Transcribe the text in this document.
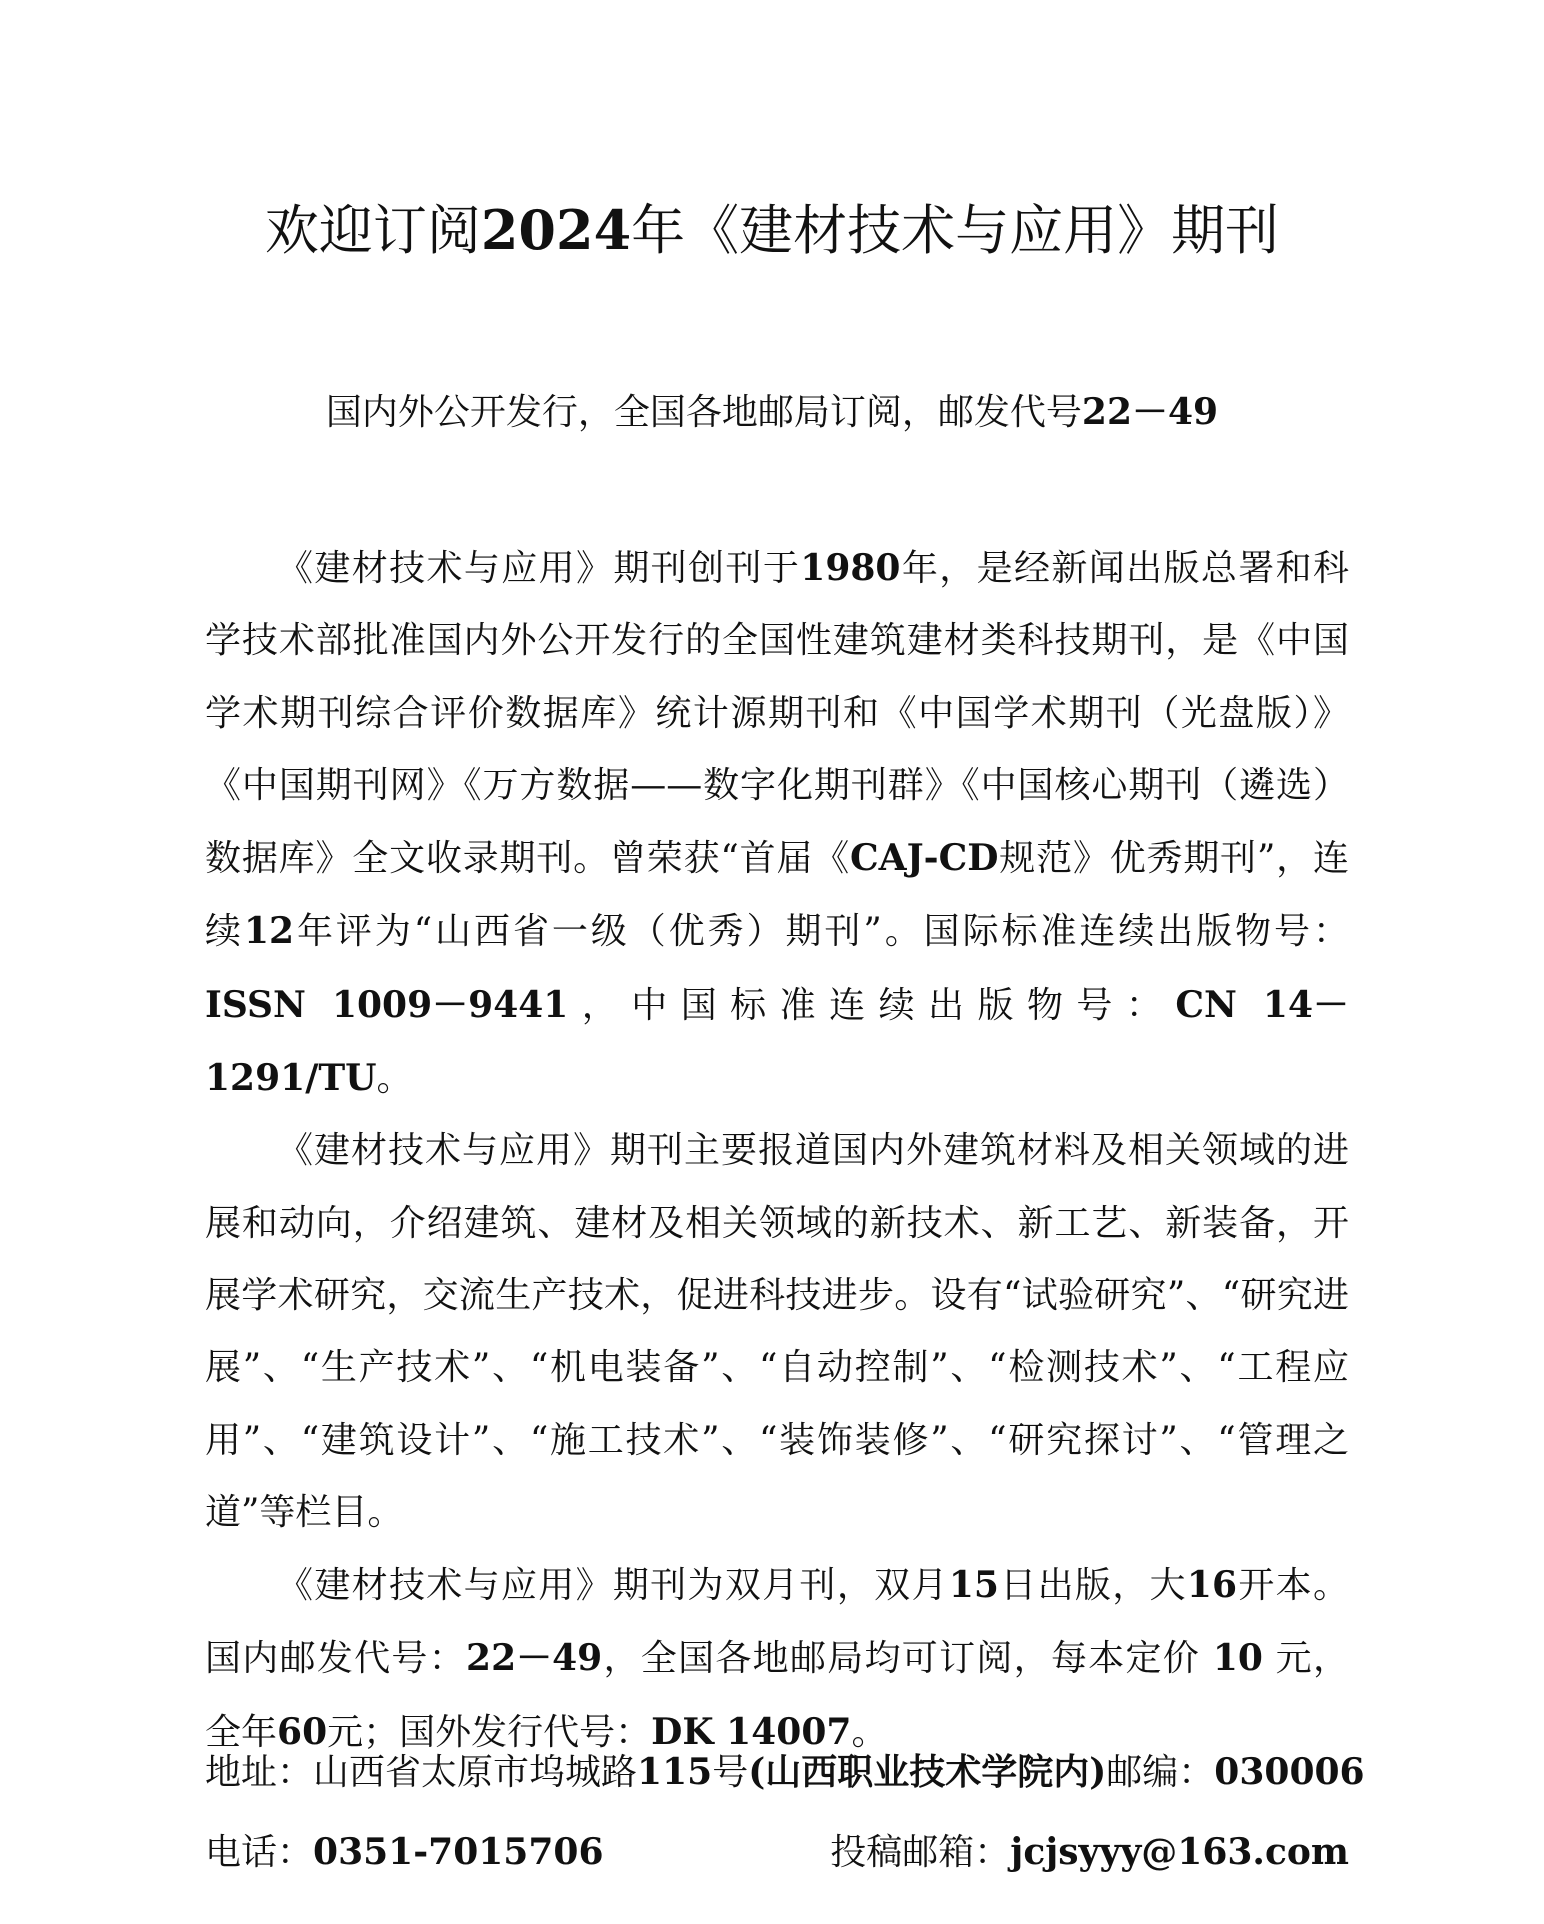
欢迎订阅2024年《建材技术与应用》期刊
国内外公开发行，全国各地邮局订阅，邮发代号22－49

《建材技术与应用》期刊创刊于1980年，是经新闻出版总署和科学技术部批准国内外公开发行的全国性建筑建材类科技期刊，是《中国学术期刊综合评价数据库》统计源期刊和《中国学术期刊（光盘版）》《中国期刊网》《万方数据——数字化期刊群》《中国核心期刊（遴选）数据库》全文收录期刊。曾荣获“首届《CAJ-CD规范》优秀期刊”，连续12年评为“山西省一级（优秀）期刊”。国际标准连续出版物号：ISSN 1009－9441，中国标准连续出版物号：CN 14－1291/TU。

《建材技术与应用》期刊主要报道国内外建筑材料及相关领域的进展和动向，介绍建筑、建材及相关领域的新技术、新工艺、新装备，开展学术研究，交流生产技术，促进科技进步。设有“试验研究”、“研究进展”、“生产技术”、“机电装备”、“自动控制”、“检测技术”、“工程应用”、“建筑设计”、“施工技术”、“装饰装修”、“研究探讨”、“管理之道”等栏目。

《建材技术与应用》期刊为双月刊，双月15日出版，大16开本。国内邮发代号：22－49，全国各地邮局均可订阅，每本定价 10 元，全年60元；国外发行代号：DK 14007。

地址：山西省太原市坞城路115号(山西职业技术学院内) 邮编：030006
电话：0351-7015706	投稿邮箱：jcjsyyy@163.com
